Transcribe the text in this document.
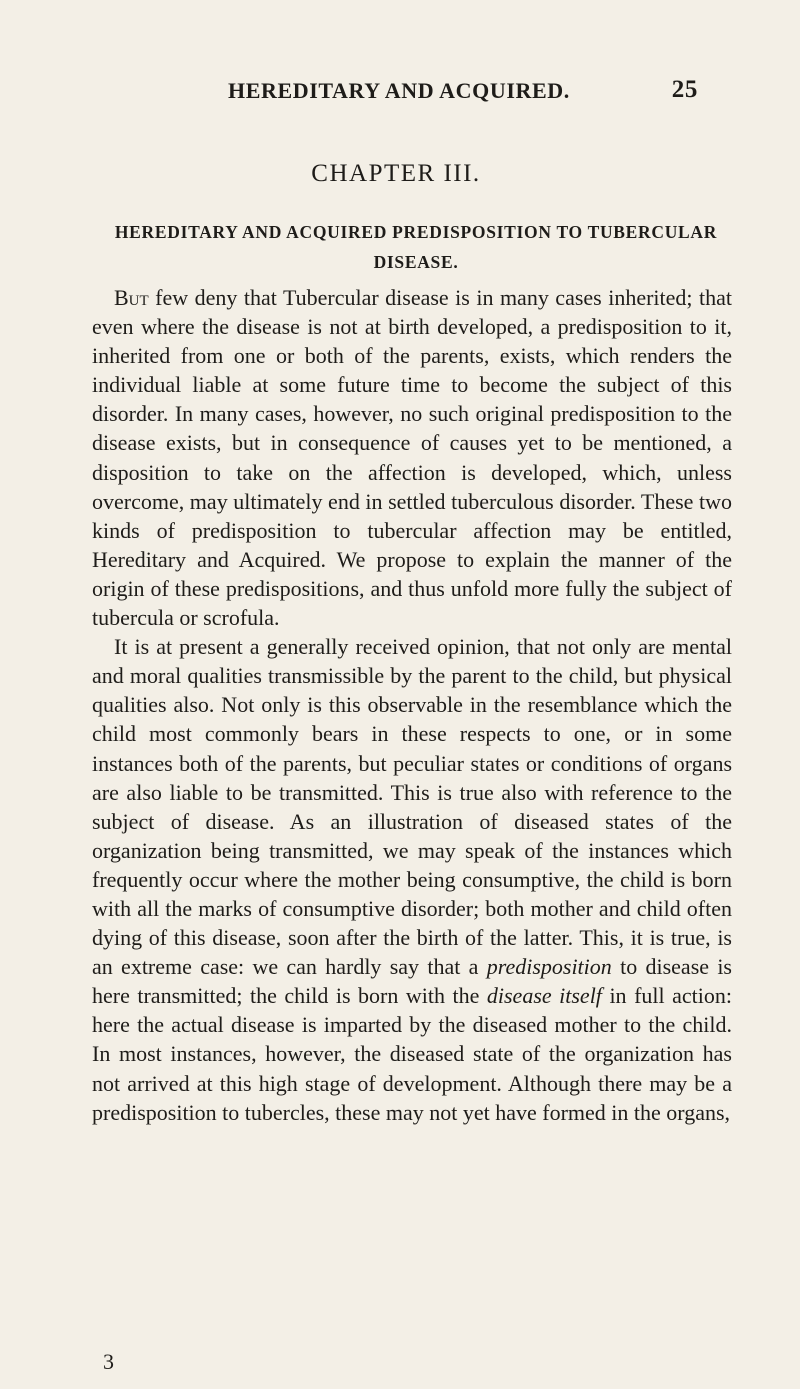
HEREDITARY AND ACQUIRED.	25
CHAPTER III.
HEREDITARY AND ACQUIRED PREDISPOSITION TO TUBERCULAR DISEASE.

But few deny that Tubercular disease is in many cases inherited; that even where the disease is not at birth developed, a predisposition to it, inherited from one or both of the parents, exists, which renders the individual liable at some future time to become the subject of this disorder. In many cases, however, no such original predisposition to the disease exists, but in consequence of causes yet to be mentioned, a disposition to take on the affection is developed, which, unless overcome, may ultimately end in settled tuberculous disorder. These two kinds of predisposition to tubercular affection may be entitled, Hereditary and Acquired. We propose to explain the manner of the origin of these predispositions, and thus unfold more fully the subject of tubercula or scrofula.

It is at present a generally received opinion, that not only are mental and moral qualities transmissible by the parent to the child, but physical qualities also. Not only is this observable in the resemblance which the child most commonly bears in these respects to one, or in some instances both of the parents, but peculiar states or conditions of organs are also liable to be transmitted. This is true also with reference to the subject of disease. As an illustration of diseased states of the organization being transmitted, we may speak of the instances which frequently occur where the mother being consumptive, the child is born with all the marks of consumptive disorder; both mother and child often dying of this disease, soon after the birth of the latter. This, it is true, is an extreme case: we can hardly say that a predisposition to disease is here transmitted; the child is born with the disease itself in full action: here the actual disease is imparted by the diseased mother to the child. In most instances, however, the diseased state of the organization has not arrived at this high stage of development. Although there may be a predisposition to tubercles, these may not yet have formed in the organs,

3
